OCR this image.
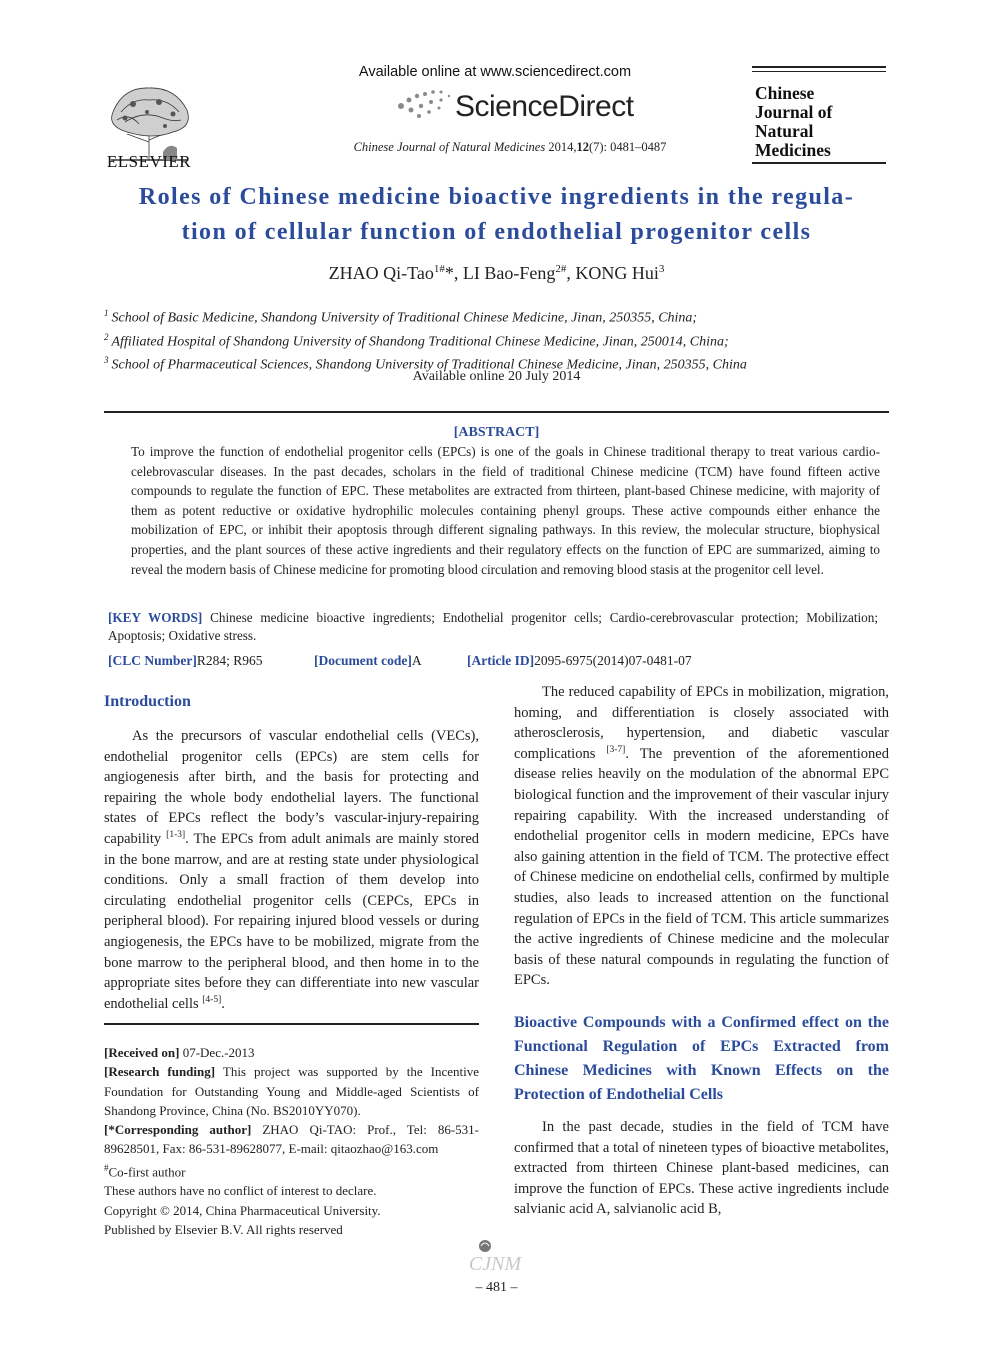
ELSEVIER
Available online at www.sciencedirect.com
ScienceDirect
Chinese Journal of Natural Medicines 2014,12(7): 0481–0487
Chinese
Journal of
Natural
Medicines
Roles of Chinese medicine bioactive ingredients in the regula-
tion of cellular function of endothelial progenitor cells
ZHAO Qi-Tao$^{1\#}$*, LI Bao-Feng$^{2\#}$, KONG Hui$^3$
$^1$ School of Basic Medicine, Shandong University of Traditional Chinese Medicine, Jinan, 250355, China;
$^2$ Affiliated Hospital of Shandong University of Shandong Traditional Chinese Medicine, Jinan, 250014, China;
$^3$ School of Pharmaceutical Sciences, Shandong University of Traditional Chinese Medicine, Jinan, 250355, China
Available online 20 July 2014
[ABSTRACT]
To improve the function of endothelial progenitor cells (EPCs) is one of the goals in Chinese traditional therapy to treat various cardio-celebrovascular diseases. In the past decades, scholars in the field of traditional Chinese medicine (TCM) have found fifteen active compounds to regulate the function of EPC. These metabolites are extracted from thirteen, plant-based Chinese medicine, with majority of them as potent reductive or oxidative hydrophilic molecules containing phenyl groups. These active compounds either enhance the mobilization of EPC, or inhibit their apoptosis through different signaling pathways. In this review, the molecular structure, biophysical properties, and the plant sources of these active ingredients and their regulatory effects on the function of EPC are summarized, aiming to reveal the modern basis of Chinese medicine for promoting blood circulation and removing blood stasis at the progenitor cell level.
[KEY WORDS] Chinese medicine bioactive ingredients; Endothelial progenitor cells; Cardio-cerebrovascular protection; Mobilization; Apoptosis; Oxidative stress.
[CLC Number] R284; R965	[Document code] A	[Article ID] 2095-6975(2014)07-0481-07
Introduction

As the precursors of vascular endothelial cells (VECs), endothelial progenitor cells (EPCs) are stem cells for angiogenesis after birth, and the basis for protecting and repairing the whole body endothelial layers. The functional states of EPCs reflect the body’s vascular-injury-repairing capability [1-3]. The EPCs from adult animals are mainly stored in the bone marrow, and are at resting state under physiological conditions. Only a small fraction of them develop into circulating endothelial progenitor cells (CEPCs, EPCs in peripheral blood). For repairing injured blood vessels or during angiogenesis, the EPCs have to be mobilized, migrate from the bone marrow to the peripheral blood, and then home in to the appropriate sites before they can differentiate into new vascular endothelial cells [4-5].

[Received on] 07-Dec.-2013

[Research funding] This project was supported by the Incentive Foundation for Outstanding Young and Middle-aged Scientists of Shandong Province, China (No. BS2010YY070).

[*Corresponding author] ZHAO Qi-TAO: Prof., Tel: 86-531-89628501, Fax: 86-531-89628077, E-mail: qitaozhao@163.com

#Co-first author

These authors have no conflict of interest to declare.

Copyright © 2014, China Pharmaceutical University.

Published by Elsevier B.V. All rights reserved

The reduced capability of EPCs in mobilization, migration, homing, and differentiation is closely associated with atherosclerosis, hypertension, and diabetic vascular complications [3-7]. The prevention of the aforementioned disease relies heavily on the modulation of the abnormal EPC biological function and the improvement of their vascular injury repairing capability. With the increased understanding of endothelial progenitor cells in modern medicine, EPCs have also gaining attention in the field of TCM. The protective effect of Chinese medicine on endothelial cells, confirmed by multiple studies, also leads to increased attention on the functional regulation of EPCs in the field of TCM. This article summarizes the active ingredients of Chinese medicine and the molecular basis of these natural compounds in regulating the function of EPCs.

Bioactive Compounds with a Confirmed effect on the Functional Regulation of EPCs Extracted from Chinese Medicines with Known Effects on the Protection of Endothelial Cells

In the past decade, studies in the field of TCM have confirmed that a total of nineteen types of bioactive metabolites, extracted from thirteen Chinese plant-based medicines, can improve the function of EPCs. These active ingredients include salvianic acid A, salvianolic acid B,

CJNM
– 481 –
